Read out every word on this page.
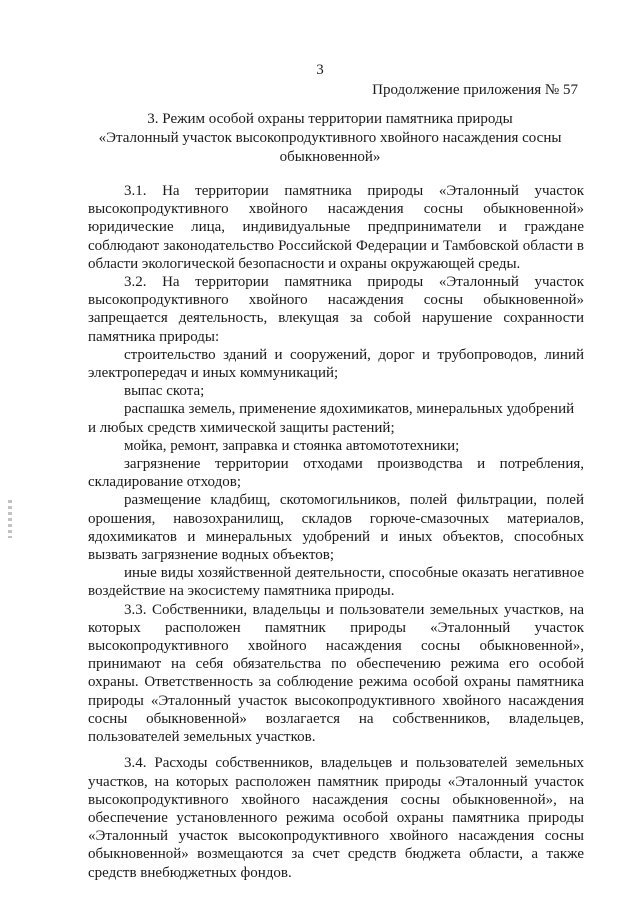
3
Продолжение приложения № 57
3. Режим особой охраны территории памятника природы
«Эталонный участок высокопродуктивного хвойного насаждения сосны
обыкновенной»

3.1. На территории памятника природы «Эталонный участок высокопродуктивного хвойного насаждения сосны обыкновенной» юридические лица, индивидуальные предприниматели и граждане соблюдают законодательство Российской Федерации и Тамбовской области в области экологической безопасности и охраны окружающей среды.

3.2. На территории памятника природы «Эталонный участок высокопродуктивного хвойного насаждения сосны обыкновенной» запрещается деятельность, влекущая за собой нарушение сохранности памятника природы:

строительство зданий и сооружений, дорог и трубопроводов, линий электропередач и иных коммуникаций;

выпас скота;

распашка земель, применение ядохимикатов, минеральных удобрений

и любых средств химической защиты растений;

мойка, ремонт, заправка и стоянка автомототехники;

загрязнение территории отходами производства и потребления, складирование отходов;

размещение кладбищ, скотомогильников, полей фильтрации, полей орошения, навозохранилищ, складов горюче-смазочных материалов, ядохимикатов и минеральных удобрений и иных объектов, способных вызвать загрязнение водных объектов;

иные виды хозяйственной деятельности, способные оказать негативное воздействие на экосистему памятника природы.

3.3. Собственники, владельцы и пользователи земельных участков, на которых расположен памятник природы «Эталонный участок высокопродуктивного хвойного насаждения сосны обыкновенной», принимают на себя обязательства по обеспечению режима его особой охраны. Ответственность за соблюдение режима особой охраны памятника природы «Эталонный участок высокопродуктивного хвойного насаждения сосны обыкновенной» возлагается на собственников, владельцев, пользователей земельных участков.

3.4. Расходы собственников, владельцев и пользователей земельных участков, на которых расположен памятник природы «Эталонный участок высокопродуктивного хвойного насаждения сосны обыкновенной», на обеспечение установленного режима особой охраны памятника природы «Эталонный участок высокопродуктивного хвойного насаждения сосны обыкновенной» возмещаются за счет средств бюджета области, а также средств внебюджетных фондов.
